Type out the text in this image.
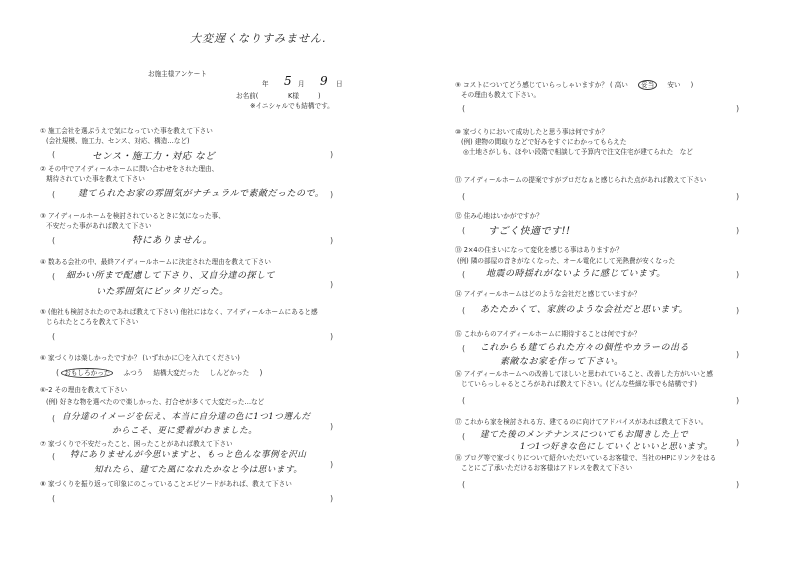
大変遅くなりすみません.
お施主様アンケート
年 5 月 9 日
お名前(	K様	)
※イニシャルでも結構です。
① 施工会社を選ぶうえで気になっていた事を教えて下さい
(会社規模、施工力、センス、対応、構造…など)
(	センス・施工力・対応 など	)
② その中でアイディールホームに問い合わせをされた理由、
期待されていた事を教えて下さい
(	建てられたお家の雰囲気がナチュラルで素敵だったので。 )
③ アイディールホームを検討されているときに気になった事、
不安だった事があれば教えて下さい
(	特にありません。	)
④ 数ある会社の中、最終アイディールホームに決定された理由を教えて下さい
( 細かい所まで配慮して下さり、又自分達の探して
いた雰囲気にピッタリだった。
)
⑤ (他社も検討されたのであれば教えて下さい) 他社にはなく、アイディールホームにあると感
じられたところを教えて下さい
(	)
⑥ 家づくりは楽しかったですか？ (いずれかに〇を入れてください)
( おもしろかった ふつう 結構大変だった しんどかった )
⑥-2 その理由を教えて下さい
(例) 好きな物を選べたので楽しかった、打合せが多くて大変だった…など
( 自分達のイメージを伝え、本当に自分達の色に1つ1つ選んだ
からこそ、更に愛着がわきました。	)
⑦ 家づくりで不安だったこと、困ったことがあれば教えて下さい
( 特にありませんが今思いますと、もっと色んな事例を沢山
知れたら、建てた風になれたかなと今は思います。
)
⑧ 家づくりを振り返って印象にのこっていることエピソードがあれば、教えて下さい
(	)
⑨ コストについてどう感じていらっしゃいますか？ ( 高い 妥当 安い )
その理由も教えて下さい。
(	)
⑩ 家づくりにおいて成功したと思う事は何ですか？
(例) 建物の間取りなどで好みをすぐにわかってもらえた
◎土地さがしも、ほやい段階で相談して予算内で注文住宅が建てられた　など
⑪ アイディールホームの提案ですがプロだなぁと感じられた点があれば教えて下さい
(	)
⑫ 住み心地はいかがですか？
( すごく快適です!!	)
⑬ 2×4の住まいになって変化を感じる事はありますか？
(例) 隣の部屋の音きがなくなった、オール電化にして光熱費が安くなった
( 地震の時揺れがないように感じています。	)
⑭ アイディールホームはどのような会社だと感じていますか？
( あたたかくて、家族のような会社だと思います。	)
⑮ これからのアイディールホームに期待することは何ですか？
( これからも建てられた方々の個性やカラーの出る
素敵なお家を作って下さい。
)
⑯ アイディールホームへの改善してほしいと思われていること、改善した方がいいと感
じていらっしゃるところがあれば教えて下さい。(どんな些細な事でも結構です)
(	)
⑰ これから家を検討される方、建てるのに向けてアドバイスがあれば教えて下さい。
( 建てた後のメンテナンスについてもお聞きした上で
1つ1つ好きな色にしていくといいと思います。	)
⑱ ブログ等で家づくりについて紹介いただいているお客様で、当社のHPにリンクをはる
ことにご了承いただけるお客様はアドレスを教えて下さい
(	)
